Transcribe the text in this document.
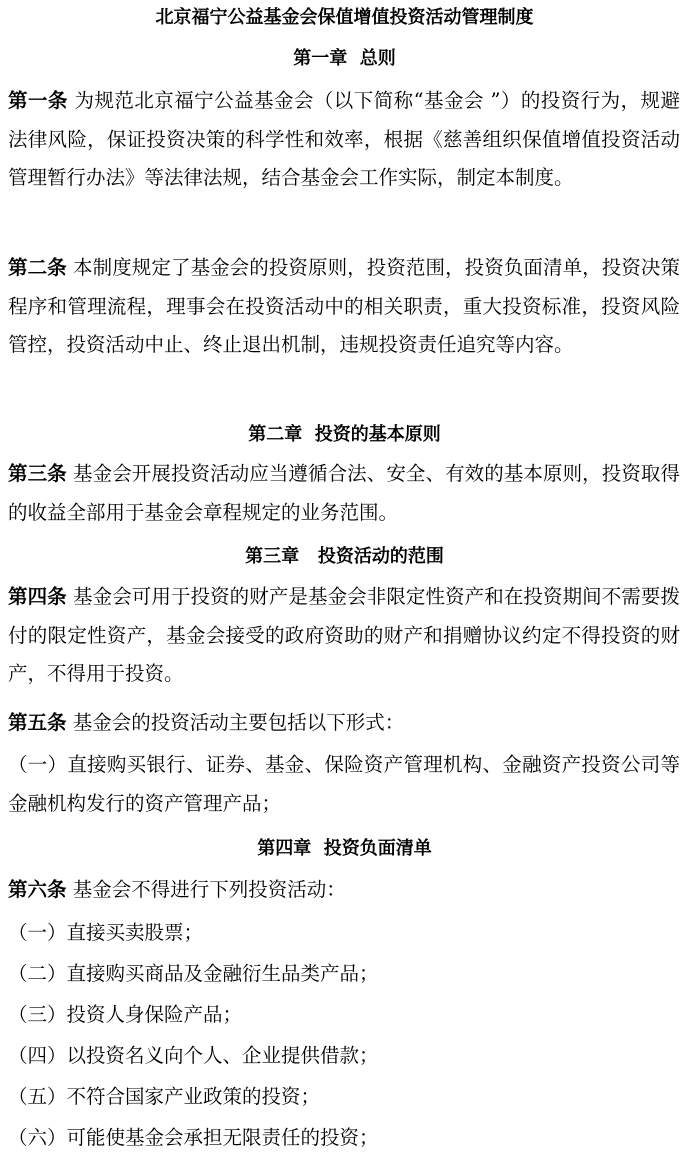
北京福宁公益基金会保值增值投资活动管理制度
第一章  总则
第一条 为规范北京福宁公益基金会（以下简称“基金会 ”）的投资行为，规避法律风险，保证投资决策的科学性和效率，根据《慈善组织保值增值投资活动管理暂行办法》等法律法规，结合基金会工作实际，制定本制度。
第二条 本制度规定了基金会的投资原则，投资范围，投资负面清单，投资决策程序和管理流程，理事会在投资活动中的相关职责，重大投资标准，投资风险管控，投资活动中止、终止退出机制，违规投资责任追究等内容。
第二章  投资的基本原则
第三条 基金会开展投资活动应当遵循合法、安全、有效的基本原则，投资取得的收益全部用于基金会章程规定的业务范围。
第三章   投资活动的范围
第四条 基金会可用于投资的财产是基金会非限定性资产和在投资期间不需要拨付的限定性资产，基金会接受的政府资助的财产和捐赠协议约定不得投资的财产，不得用于投资。
第五条 基金会的投资活动主要包括以下形式：
（一）直接购买银行、证券、基金、保险资产管理机构、金融资产投资公司等金融机构发行的资产管理产品；
第四章  投资负面清单
第六条 基金会不得进行下列投资活动：
（一）直接买卖股票；
（二）直接购买商品及金融衍生品类产品；
（三）投资人身保险产品；
（四）以投资名义向个人、企业提供借款；
（五）不符合国家产业政策的投资；
（六）可能使基金会承担无限责任的投资；
